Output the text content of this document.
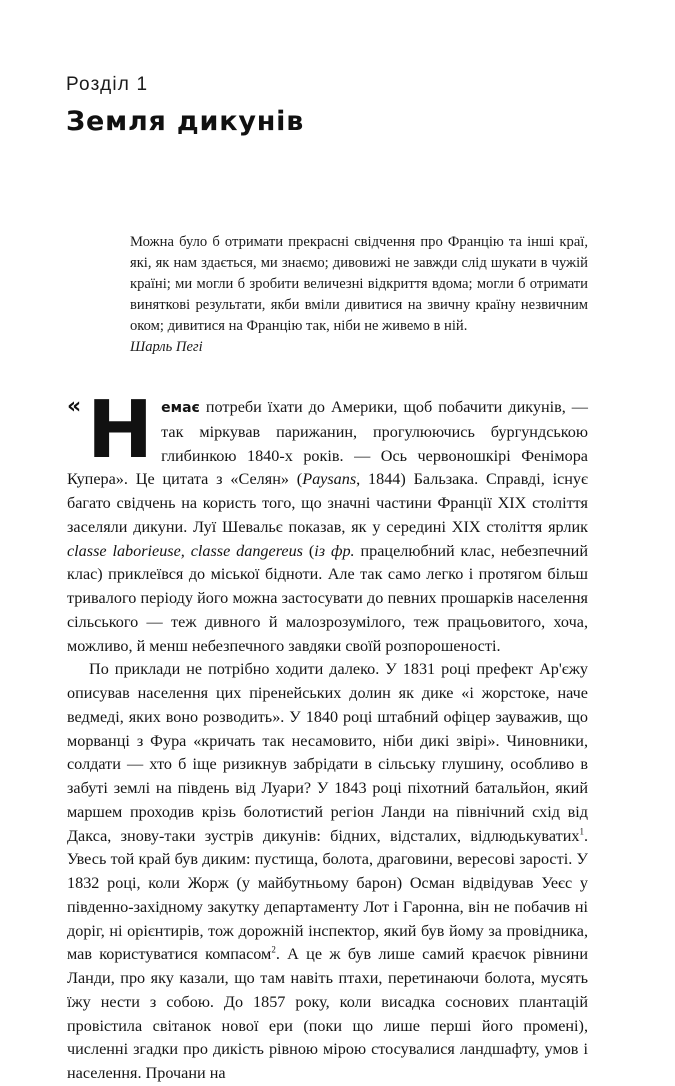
Розділ 1
Земля дикунів

Можна було б отримати прекрасні свідчення про Францію та інші краї, які, як нам здається, ми знаємо; дивовижі не завжди слід шукати в чужій країні; ми могли б зробити величезні відкриття вдома; могли б отримати виняткові результати, якби вміли дивитися на звичну країну незвичним оком; дивитися на Францію так, ніби не живемо в ній.

Шарль Пегі

« Немає потреби їхати до Америки, щоб побачити дикунів, — так міркував парижанин, прогулюючись бургундською глибинкою 1840-х років. — Ось червоношкірі Фенімора Купера». Це цитата з «Селян» (Paysans, 1844) Бальзака. Справді, існує багато свідчень на користь того, що значні частини Франції XIX століття заселяли дикуни. Луї Шевальє показав, як у середині XIX століття ярлик classe laborieuse, classe dangereus (із фр. працелюбний клас, небезпечний клас) приклеївся до міської бідноти. Але так само легко і протягом більш тривалого періоду його можна застосувати до певних прошарків населення сільського — теж дивного й малозрозумілого, теж працьовитого, хоча, можливо, й менш небезпечного завдяки своїй розпорошеності.

По приклади не потрібно ходити далеко. У 1831 році префект Ар'єжу описував населення цих піренейських долин як дике «і жорстоке, наче ведмеді, яких воно розводить». У 1840 році штабний офіцер зауважив, що морванці з Фура «кричать так несамовито, ніби дикі звірі». Чиновники, солдати — хто б іще ризикнув забрідати в сільську глушину, особливо в забуті землі на південь від Луари? У 1843 році піхотний батальйон, який маршем проходив крізь болотистий регіон Ланди на північний схід від Дакса, знову-таки зустрів дикунів: бідних, відсталих, відлюдькуватих$^1$. Увесь той край був диким: пустища, болота, драговини, вересові зарості. У 1832 році, коли Жорж (у майбутньому барон) Осман відвідував Уеєс у південно-західному закутку департаменту Лот і Гаронна, він не побачив ні доріг, ні орієнтирів, тож дорожній інспектор, який був йому за провідника, мав користуватися компасом$^2$. А це ж був лише самий краєчок рівнини Ланди, про яку казали, що там навіть птахи, перетинаючи болота, мусять їжу нести з собою. До 1857 року, коли висадка соснових плантацій провістила світанок нової ери (поки що лише перші його промені), численні згадки про дикість рівною мірою стосувалися ландшафту, умов і населення. Прочани на
